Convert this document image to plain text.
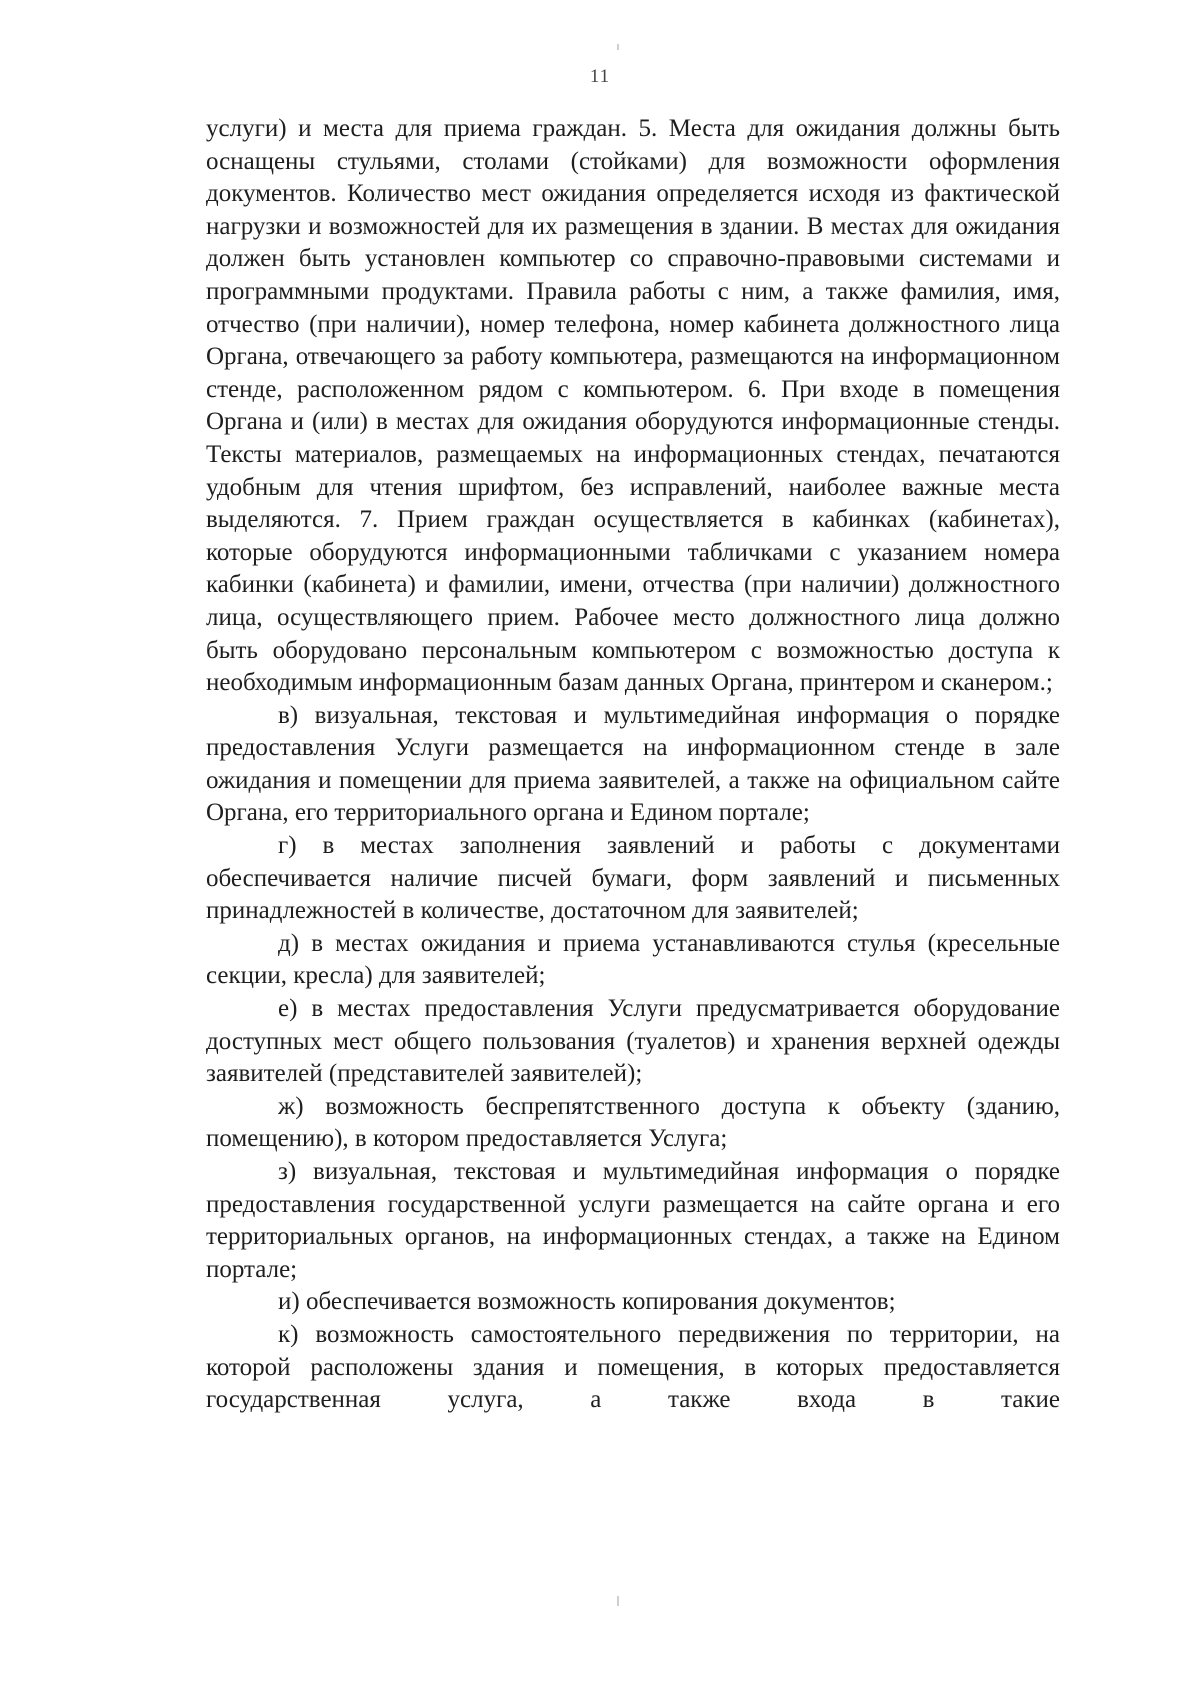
11

услуги) и места для приема граждан. 5. Места для ожидания должны быть оснащены стульями, столами (стойками) для возможности оформления документов. Количество мест ожидания определяется исходя из фактической нагрузки и возможностей для их размещения в здании. В местах для ожидания должен быть установлен компьютер со справочно-правовыми системами и программными продуктами. Правила работы с ним, а также фамилия, имя, отчество (при наличии), номер телефона, номер кабинета должностного лица Органа, отвечающего за работу компьютера, размещаются на информационном стенде, расположенном рядом с компьютером. 6. При входе в помещения Органа и (или) в местах для ожидания оборудуются информационные стенды. Тексты материалов, размещаемых на информационных стендах, печатаются удобным для чтения шрифтом, без исправлений, наиболее важные места выделяются. 7. Прием граждан осуществляется в кабинках (кабинетах), которые оборудуются информационными табличками с указанием номера кабинки (кабинета) и фамилии, имени, отчества (при наличии) должностного лица, осуществляющего прием. Рабочее место должностного лица должно быть оборудовано персональным компьютером с возможностью доступа к необходимым информационным базам данных Органа, принтером и сканером.;

в) визуальная, текстовая и мультимедийная информация о порядке предоставления Услуги размещается на информационном стенде в зале ожидания и помещении для приема заявителей, а также на официальном сайте Органа, его территориального органа и Едином портале;

г) в местах заполнения заявлений и работы с документами обеспечивается наличие писчей бумаги, форм заявлений и письменных принадлежностей в количестве, достаточном для заявителей;

д) в местах ожидания и приема устанавливаются стулья (кресельные секции, кресла) для заявителей;

е) в местах предоставления Услуги предусматривается оборудование доступных мест общего пользования (туалетов) и хранения верхней одежды заявителей (представителей заявителей);

ж) возможность беспрепятственного доступа к объекту (зданию, помещению), в котором предоставляется Услуга;

з) визуальная, текстовая и мультимедийная информация о порядке предоставления государственной услуги размещается на сайте органа и его территориальных органов, на информационных стендах, а также на Едином портале;

и) обеспечивается возможность копирования документов;

к) возможность самостоятельного передвижения по территории, на которой расположены здания и помещения, в которых предоставляется государственная услуга, а также входа в такие
